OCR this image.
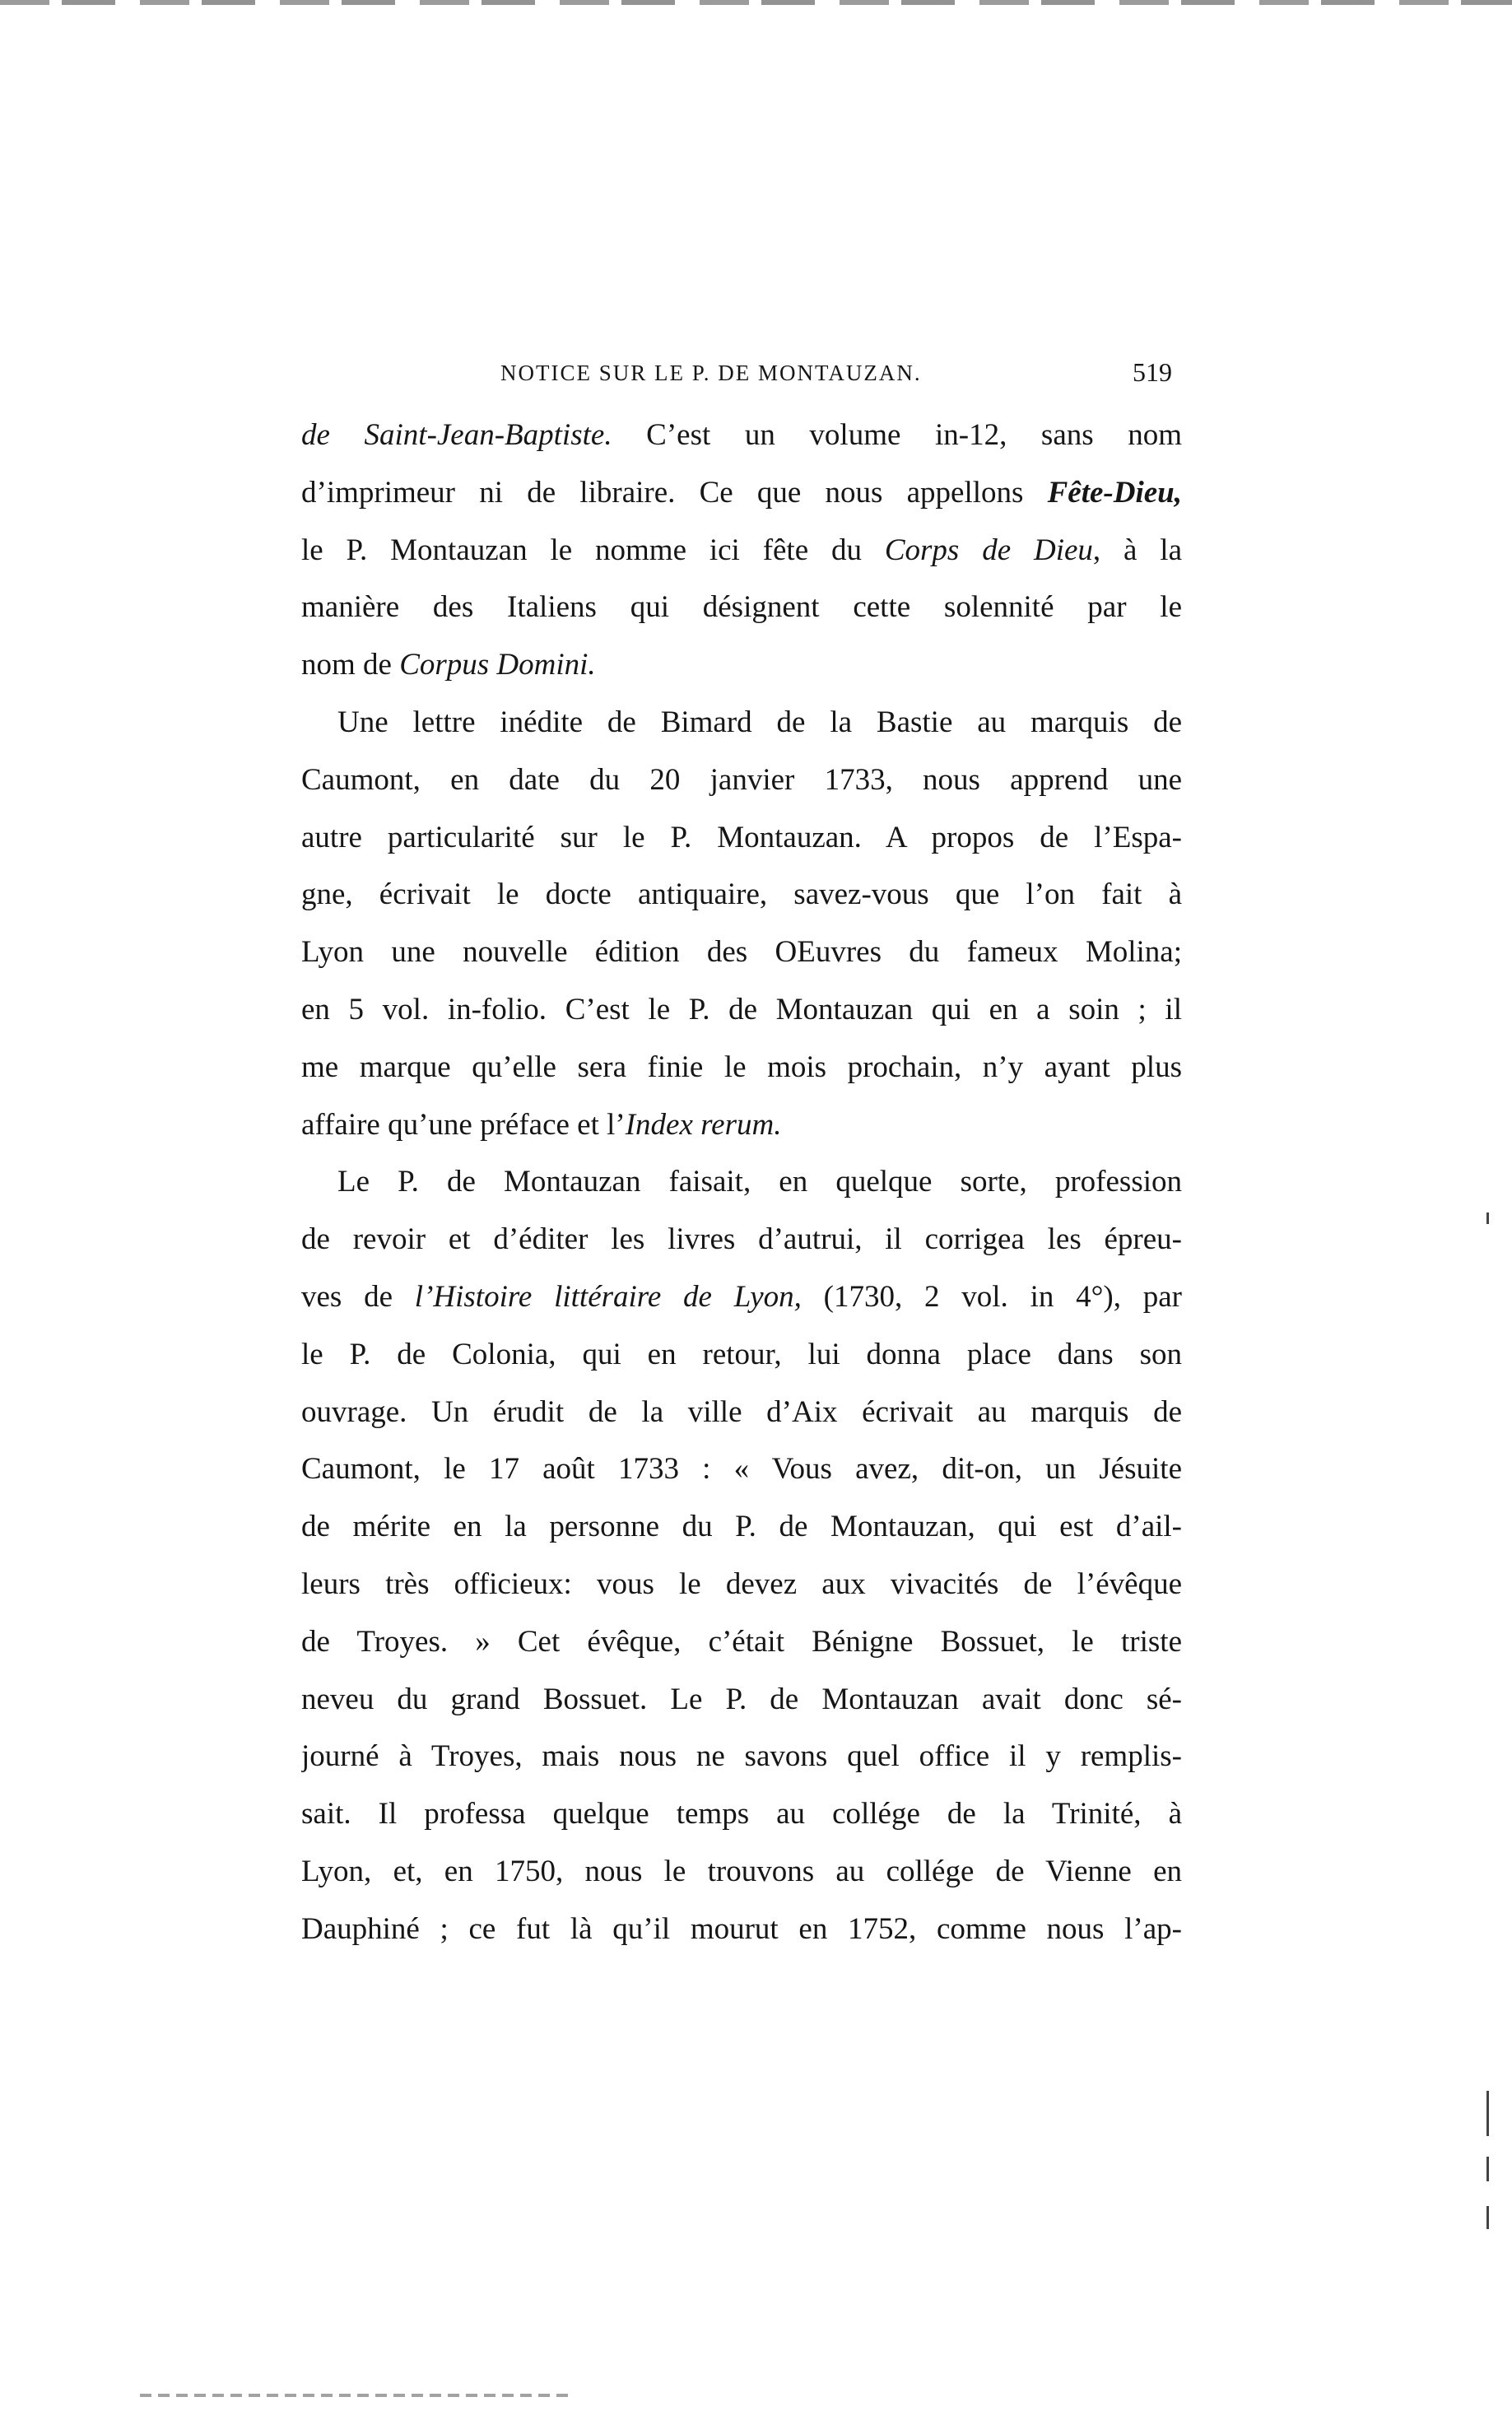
NOTICE SUR LE P. DE MONTAUZAN.	519
de Saint-Jean-Baptiste. C’est un volume in-12, sans nom
d’imprimeur ni de libraire. Ce que nous appellons Fête-Dieu,
le P. Montauzan le nomme ici fête du Corps de Dieu, à la
manière des Italiens qui désignent cette solennité par le
nom de Corpus Domini.
Une lettre inédite de Bimard de la Bastie au marquis de
Caumont, en date du 20 janvier 1733, nous apprend une
autre particularité sur le P. Montauzan. A propos de l’Espa-
gne, écrivait le docte antiquaire, savez-vous que l’on fait à
Lyon une nouvelle édition des OEuvres du fameux Molina;
en 5 vol. in-folio. C’est le P. de Montauzan qui en a soin ; il
me marque qu’elle sera finie le mois prochain, n’y ayant plus
affaire qu’une préface et l’Index rerum.
Le P. de Montauzan faisait, en quelque sorte, profession
de revoir et d’éditer les livres d’autrui, il corrigea les épreu-
ves de l’Histoire littéraire de Lyon, (1730, 2 vol. in 4°), par
le P. de Colonia, qui en retour, lui donna place dans son
ouvrage. Un érudit de la ville d’Aix écrivait au marquis de
Caumont, le 17 août 1733 : « Vous avez, dit-on, un Jésuite
de mérite en la personne du P. de Montauzan, qui est d’ail-
leurs très officieux: vous le devez aux vivacités de l’évêque
de Troyes. » Cet évêque, c’était Bénigne Bossuet, le triste
neveu du grand Bossuet. Le P. de Montauzan avait donc sé-
journé à Troyes, mais nous ne savons quel office il y remplis-
sait. Il professa quelque temps au collége de la Trinité, à
Lyon, et, en 1750, nous le trouvons au collége de Vienne en
Dauphiné ; ce fut là qu’il mourut en 1752, comme nous l’ap-
